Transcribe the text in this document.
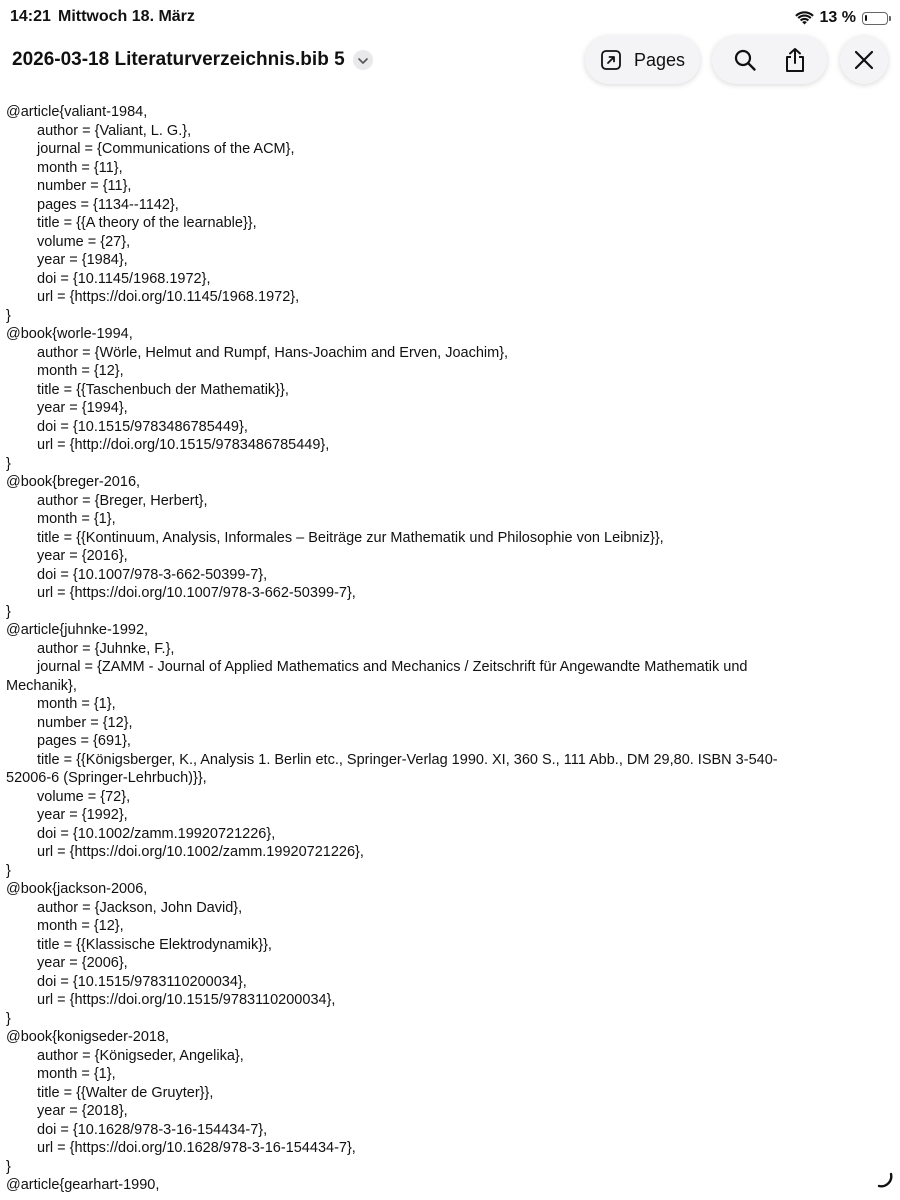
14:21 Mittwoch 18. März	13 %
2026-03-18 Literaturverzeichnis.bib 5	Pages
@article{valiant-1984,
author = {Valiant, L. G.},
journal = {Communications of the ACM},
month = {11},
number = {11},
pages = {1134--1142},
title = {{A theory of the learnable}},
volume = {27},
year = {1984},
doi = {10.1145/1968.1972},
url = {https://doi.org/10.1145/1968.1972},
}
@book{worle-1994,
author = {Wörle, Helmut and Rumpf, Hans-Joachim and Erven, Joachim},
month = {12},
title = {{Taschenbuch der Mathematik}},
year = {1994},
doi = {10.1515/9783486785449},
url = {http://doi.org/10.1515/9783486785449},
}
@book{breger-2016,
author = {Breger, Herbert},
month = {1},
title = {{Kontinuum, Analysis, Informales – Beiträge zur Mathematik und Philosophie von Leibniz}},
year = {2016},
doi = {10.1007/978-3-662-50399-7},
url = {https://doi.org/10.1007/978-3-662-50399-7},
}
@article{juhnke-1992,
author = {Juhnke, F.},
journal = {ZAMM - Journal of Applied Mathematics and Mechanics / Zeitschrift für Angewandte Mathematik und
Mechanik},
month = {1},
number = {12},
pages = {691},
title = {{Königsberger, K., Analysis 1. Berlin etc., Springer-Verlag 1990. XI, 360 S., 111 Abb., DM 29,80. ISBN 3-540-
52006-6 (Springer-Lehrbuch)}},
volume = {72},
year = {1992},
doi = {10.1002/zamm.19920721226},
url = {https://doi.org/10.1002/zamm.19920721226},
}
@book{jackson-2006,
author = {Jackson, John David},
month = {12},
title = {{Klassische Elektrodynamik}},
year = {2006},
doi = {10.1515/9783110200034},
url = {https://doi.org/10.1515/9783110200034},
}
@book{konigseder-2018,
author = {Königseder, Angelika},
month = {1},
title = {{Walter de Gruyter}},
year = {2018},
doi = {10.1628/978-3-16-154434-7},
url = {https://doi.org/10.1628/978-3-16-154434-7},
}
@article{gearhart-1990,
